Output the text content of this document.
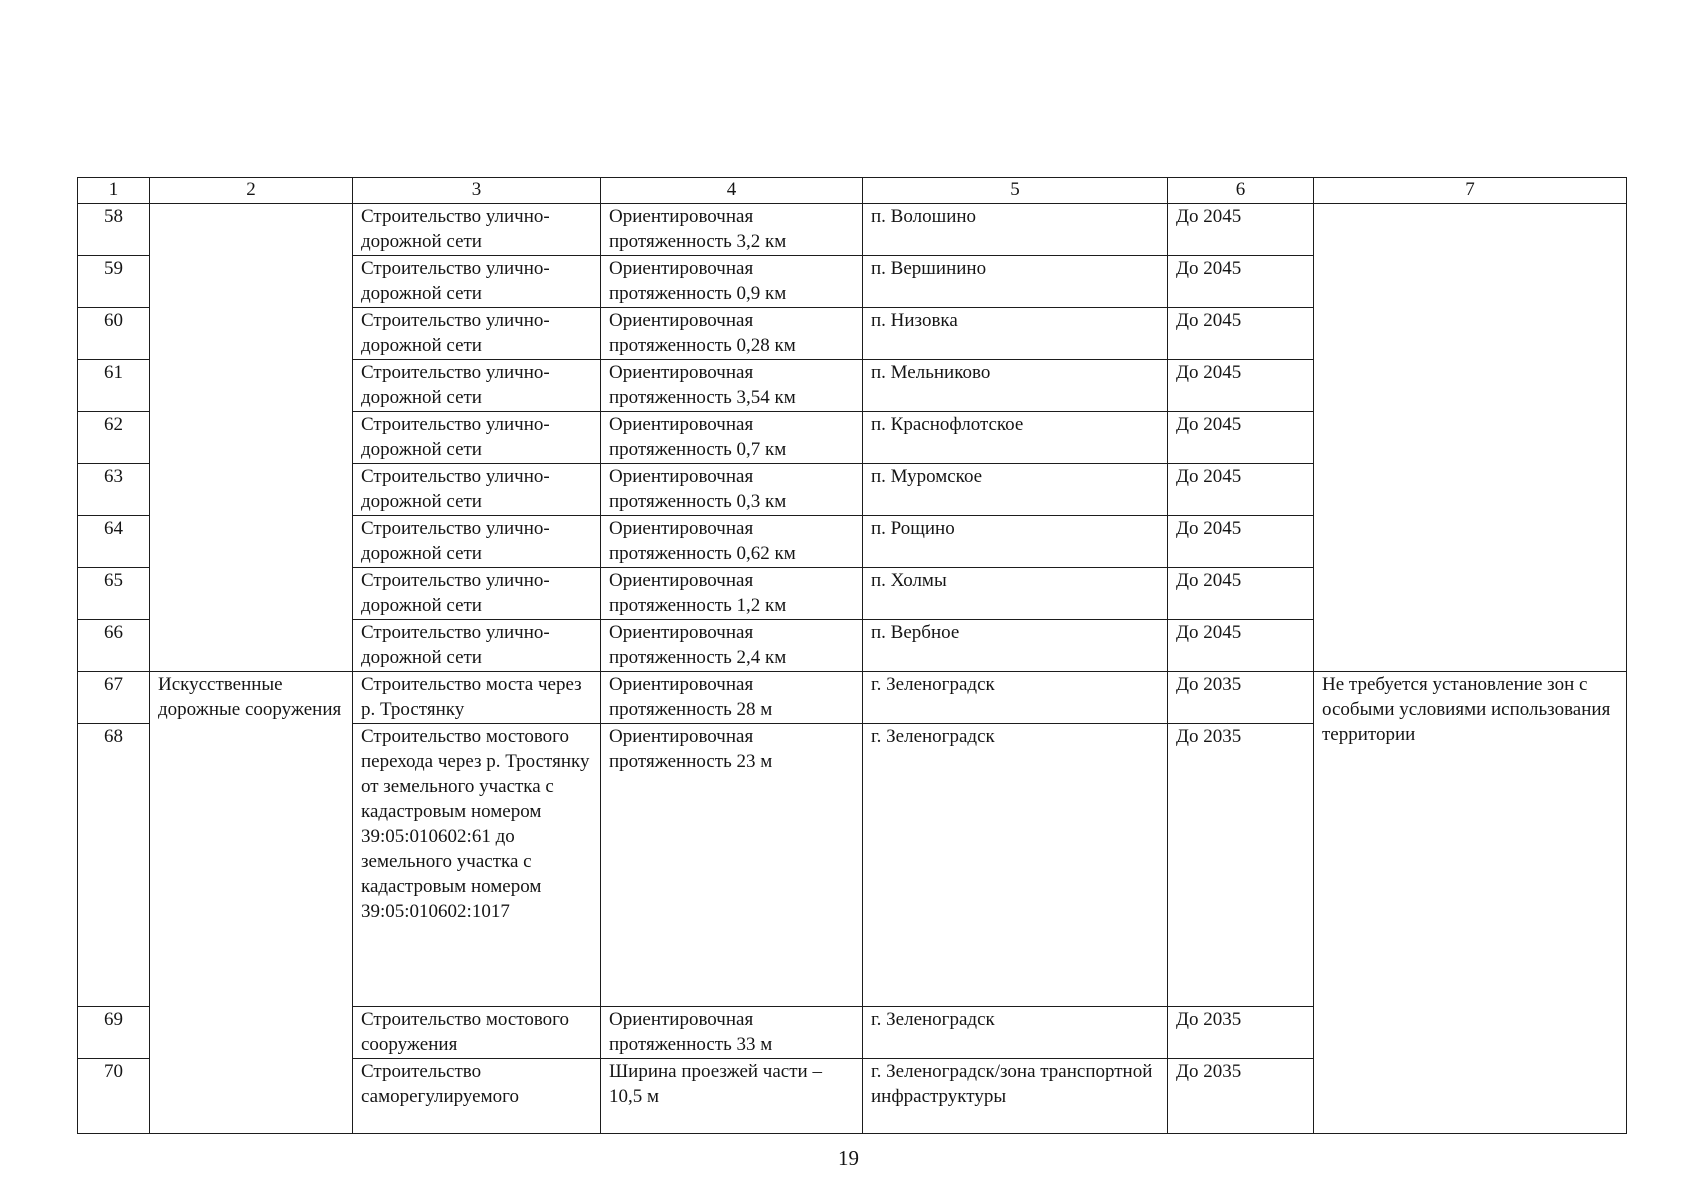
1	2	3	4	5	6	7
58		Строительство улично-дорожной сети	Ориентировочная протяженность 3,2 км	п. Волошино	До 2045	
59		Строительство улично-дорожной сети	Ориентировочная протяженность 0,9 км	п. Вершинино	До 2045	
60		Строительство улично-дорожной сети	Ориентировочная протяженность 0,28 км	п. Низовка	До 2045	
61		Строительство улично-дорожной сети	Ориентировочная протяженность 3,54 км	п. Мельниково	До 2045	
62		Строительство улично-дорожной сети	Ориентировочная протяженность 0,7 км	п. Краснофлотское	До 2045	
63		Строительство улично-дорожной сети	Ориентировочная протяженность 0,3 км	п. Муромское	До 2045	
64		Строительство улично-дорожной сети	Ориентировочная протяженность 0,62 км	п. Рощино	До 2045	
65		Строительство улично-дорожной сети	Ориентировочная протяженность 1,2 км	п. Холмы	До 2045	
66		Строительство улично-дорожной сети	Ориентировочная протяженность 2,4 км	п. Вербное	До 2045	
67	Искусственные дорожные сооружения	Строительство моста через р. Тростянку	Ориентировочная протяженность 28 м	г. Зеленоградск	До 2035	Не требуется установление зон с особыми условиями использования территории
68		Строительство мостового перехода через р. Тростянку от земельного участка с кадастровым номером 39:05:010602:61 до земельного участка с кадастровым номером 39:05:010602:1017	Ориентировочная протяженность 23 м	г. Зеленоградск	До 2035	
69		Строительство мостового сооружения	Ориентировочная протяженность 33 м	г. Зеленоградск	До 2035	
70		Строительство саморегулируемого	Ширина проезжей части – 10,5 м	г. Зеленоградск/зона транспортной инфраструктуры	До 2035	
19
